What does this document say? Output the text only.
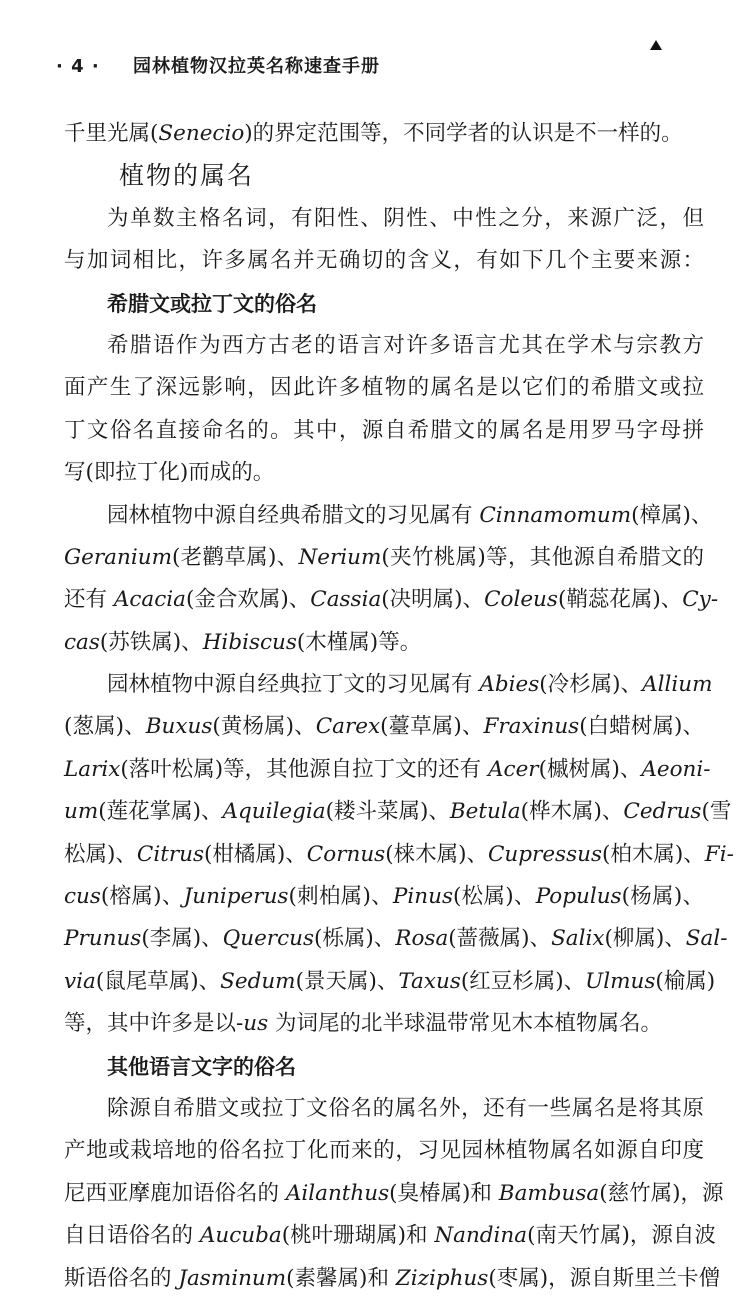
· 4 · 园林植物汉拉英名称速查手册
千里光属(Senecio)的界定范围等，不同学者的认识是不一样的。
植物的属名
为单数主格名词，有阳性、阴性、中性之分，来源广泛，但
与加词相比，许多属名并无确切的含义，有如下几个主要来源：
希腊文或拉丁文的俗名
希腊语作为西方古老的语言对许多语言尤其在学术与宗教方
面产生了深远影响，因此许多植物的属名是以它们的希腊文或拉
丁文俗名直接命名的。其中，源自希腊文的属名是用罗马字母拼
写(即拉丁化)而成的。
园林植物中源自经典希腊文的习见属有 Cinnamomum(樟属)、
Geranium(老鹳草属)、Nerium(夹竹桃属)等，其他源自希腊文的
还有 Acacia(金合欢属)、Cassia(决明属)、Coleus(鞘蕊花属)、Cy-
cas(苏铁属)、Hibiscus(木槿属)等。
园林植物中源自经典拉丁文的习见属有 Abies(冷杉属)、Allium
(葱属)、Buxus(黄杨属)、Carex(薹草属)、Fraxinus(白蜡树属)、
Larix(落叶松属)等，其他源自拉丁文的还有 Acer(槭树属)、Aeoni-
um(莲花掌属)、Aquilegia(耧斗菜属)、Betula(桦木属)、Cedrus(雪
松属)、Citrus(柑橘属)、Cornus(梾木属)、Cupressus(柏木属)、Fi-
cus(榕属)、Juniperus(刺柏属)、Pinus(松属)、Populus(杨属)、
Prunus(李属)、Quercus(栎属)、Rosa(蔷薇属)、Salix(柳属)、Sal-
via(鼠尾草属)、Sedum(景天属)、Taxus(红豆杉属)、Ulmus(榆属)
等，其中许多是以-us 为词尾的北半球温带常见木本植物属名。
其他语言文字的俗名
除源自希腊文或拉丁文俗名的属名外，还有一些属名是将其原
产地或栽培地的俗名拉丁化而来的，习见园林植物属名如源自印度
尼西亚摩鹿加语俗名的 Ailanthus(臭椿属)和 Bambusa(慈竹属)，源
自日语俗名的 Aucuba(桃叶珊瑚属)和 Nandina(南天竹属)，源自波
斯语俗名的 Jasminum(素馨属)和 Ziziphus(枣属)，源自斯里兰卡僧
